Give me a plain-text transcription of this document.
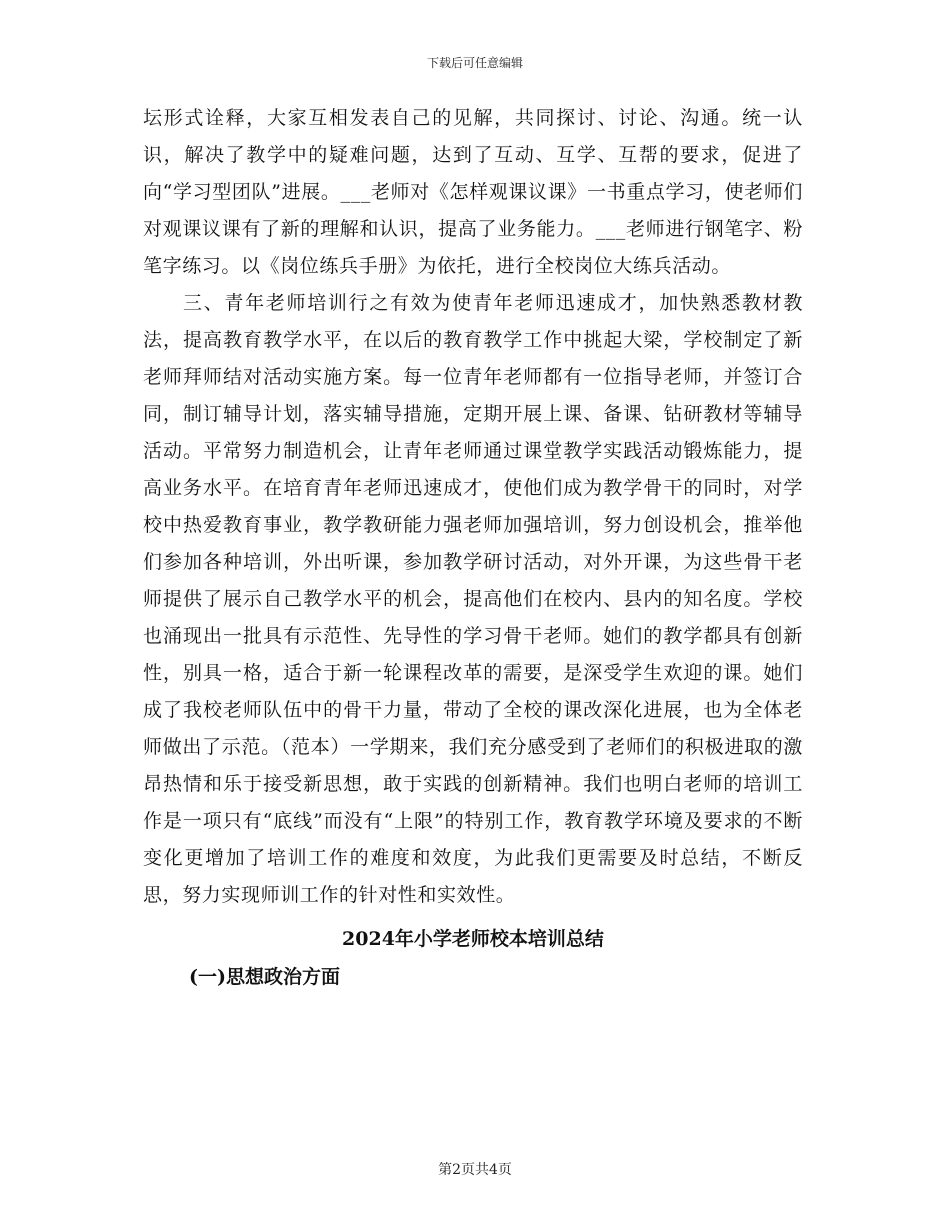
下载后可任意编辑

坛形式诠释，大家互相发表自己的见解，共同探讨、讨论、沟通。统一认识，解决了教学中的疑难问题，达到了互动、互学、互帮的要求，促进了向“学习型团队”进展。___老师对《怎样观课议课》一书重点学习，使老师们对观课议课有了新的理解和认识，提高了业务能力。___老师进行钢笔字、粉笔字练习。以《岗位练兵手册》为依托，进行全校岗位大练兵活动。

三、青年老师培训行之有效为使青年老师迅速成才，加快熟悉教材教法，提高教育教学水平，在以后的教育教学工作中挑起大梁，学校制定了新老师拜师结对活动实施方案。每一位青年老师都有一位指导老师，并签订合同，制订辅导计划，落实辅导措施，定期开展上课、备课、钻研教材等辅导活动。平常努力制造机会，让青年老师通过课堂教学实践活动锻炼能力，提高业务水平。在培育青年老师迅速成才，使他们成为教学骨干的同时，对学校中热爱教育事业，教学教研能力强老师加强培训，努力创设机会，推举他们参加各种培训，外出听课，参加教学研讨活动，对外开课，为这些骨干老师提供了展示自己教学水平的机会，提高他们在校内、县内的知名度。学校也涌现出一批具有示范性、先导性的学习骨干老师。她们的教学都具有创新性，别具一格，适合于新一轮课程改革的需要，是深受学生欢迎的课。她们成了我校老师队伍中的骨干力量，带动了全校的课改深化进展，也为全体老师做出了示范。（范本）一学期来，我们充分感受到了老师们的积极进取的激昂热情和乐于接受新思想，敢于实践的创新精神。我们也明白老师的培训工作是一项只有“底线”而没有“上限”的特别工作，教育教学环境及要求的不断变化更增加了培训工作的难度和效度，为此我们更需要及时总结，不断反思，努力实现师训工作的针对性和实效性。

2024年小学老师校本培训总结
(一)思想政治方面
第2页共4页
